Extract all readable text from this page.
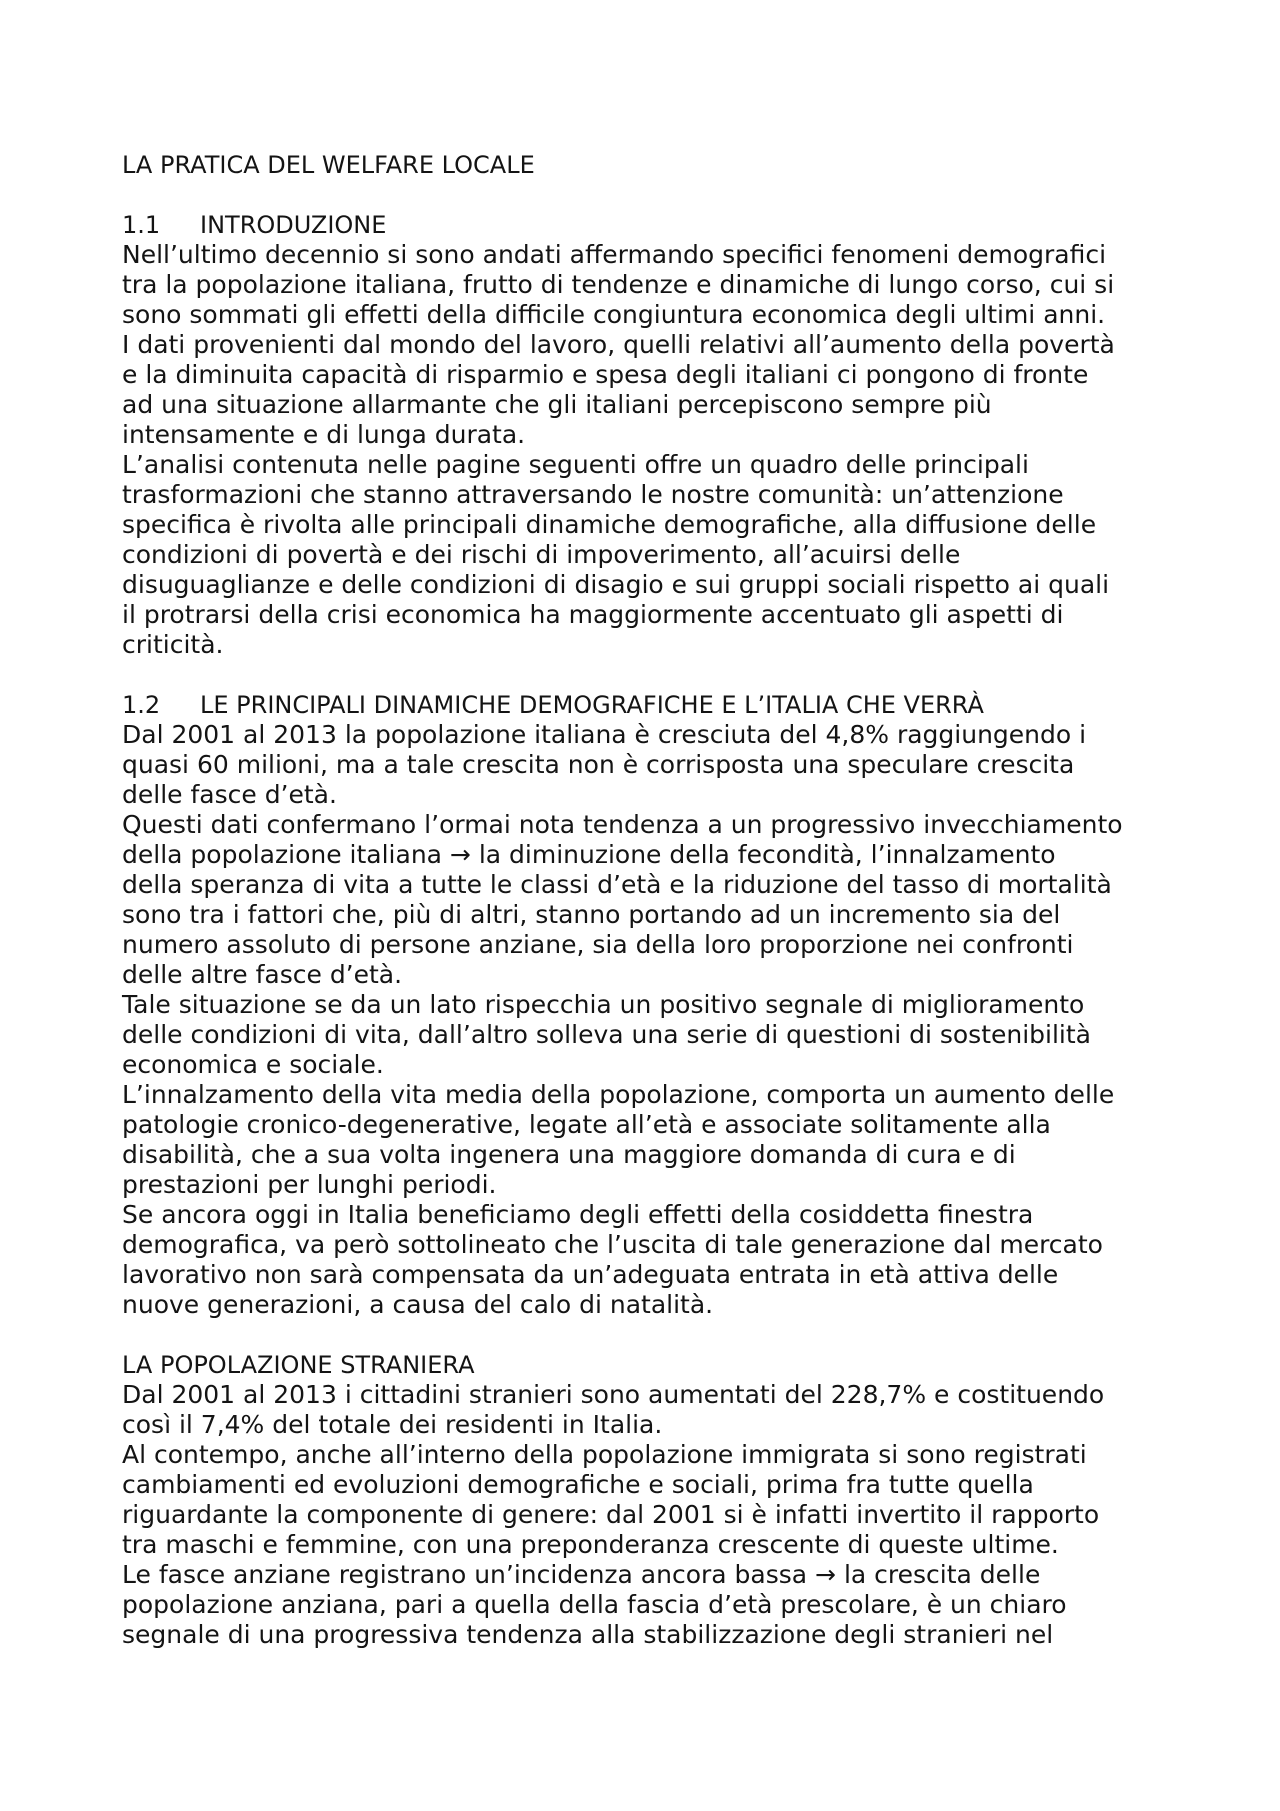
LA PRATICA DEL WELFARE LOCALE
1.1 INTRODUZIONE
Nell’ultimo decennio si sono andati affermando specifici fenomeni demografici
tra la popolazione italiana, frutto di tendenze e dinamiche di lungo corso, cui si
sono sommati gli effetti della difficile congiuntura economica degli ultimi anni.
I dati provenienti dal mondo del lavoro, quelli relativi all’aumento della povertà
e la diminuita capacità di risparmio e spesa degli italiani ci pongono di fronte
ad una situazione allarmante che gli italiani percepiscono sempre più
intensamente e di lunga durata.
L’analisi contenuta nelle pagine seguenti offre un quadro delle principali
trasformazioni che stanno attraversando le nostre comunità: un’attenzione
specifica è rivolta alle principali dinamiche demografiche, alla diffusione delle
condizioni di povertà e dei rischi di impoverimento, all’acuirsi delle
disuguaglianze e delle condizioni di disagio e sui gruppi sociali rispetto ai quali
il protrarsi della crisi economica ha maggiormente accentuato gli aspetti di
criticità.
1.2 LE PRINCIPALI DINAMICHE DEMOGRAFICHE E L’ITALIA CHE VERRÀ
Dal 2001 al 2013 la popolazione italiana è cresciuta del 4,8% raggiungendo i
quasi 60 milioni, ma a tale crescita non è corrisposta una speculare crescita
delle fasce d’età.
Questi dati confermano l’ormai nota tendenza a un progressivo invecchiamento
della popolazione italiana → la diminuzione della fecondità, l’innalzamento
della speranza di vita a tutte le classi d’età e la riduzione del tasso di mortalità
sono tra i fattori che, più di altri, stanno portando ad un incremento sia del
numero assoluto di persone anziane, sia della loro proporzione nei confronti
delle altre fasce d’età.
Tale situazione se da un lato rispecchia un positivo segnale di miglioramento
delle condizioni di vita, dall’altro solleva una serie di questioni di sostenibilità
economica e sociale.
L’innalzamento della vita media della popolazione, comporta un aumento delle
patologie cronico-degenerative, legate all’età e associate solitamente alla
disabilità, che a sua volta ingenera una maggiore domanda di cura e di
prestazioni per lunghi periodi.
Se ancora oggi in Italia beneficiamo degli effetti della cosiddetta finestra
demografica, va però sottolineato che l’uscita di tale generazione dal mercato
lavorativo non sarà compensata da un’adeguata entrata in età attiva delle
nuove generazioni, a causa del calo di natalità.
LA POPOLAZIONE STRANIERA
Dal 2001 al 2013 i cittadini stranieri sono aumentati del 228,7% e costituendo
così il 7,4% del totale dei residenti in Italia.
Al contempo, anche all’interno della popolazione immigrata si sono registrati
cambiamenti ed evoluzioni demografiche e sociali, prima fra tutte quella
riguardante la componente di genere: dal 2001 si è infatti invertito il rapporto
tra maschi e femmine, con una preponderanza crescente di queste ultime.
Le fasce anziane registrano un’incidenza ancora bassa → la crescita delle
popolazione anziana, pari a quella della fascia d’età prescolare, è un chiaro
segnale di una progressiva tendenza alla stabilizzazione degli stranieri nel
